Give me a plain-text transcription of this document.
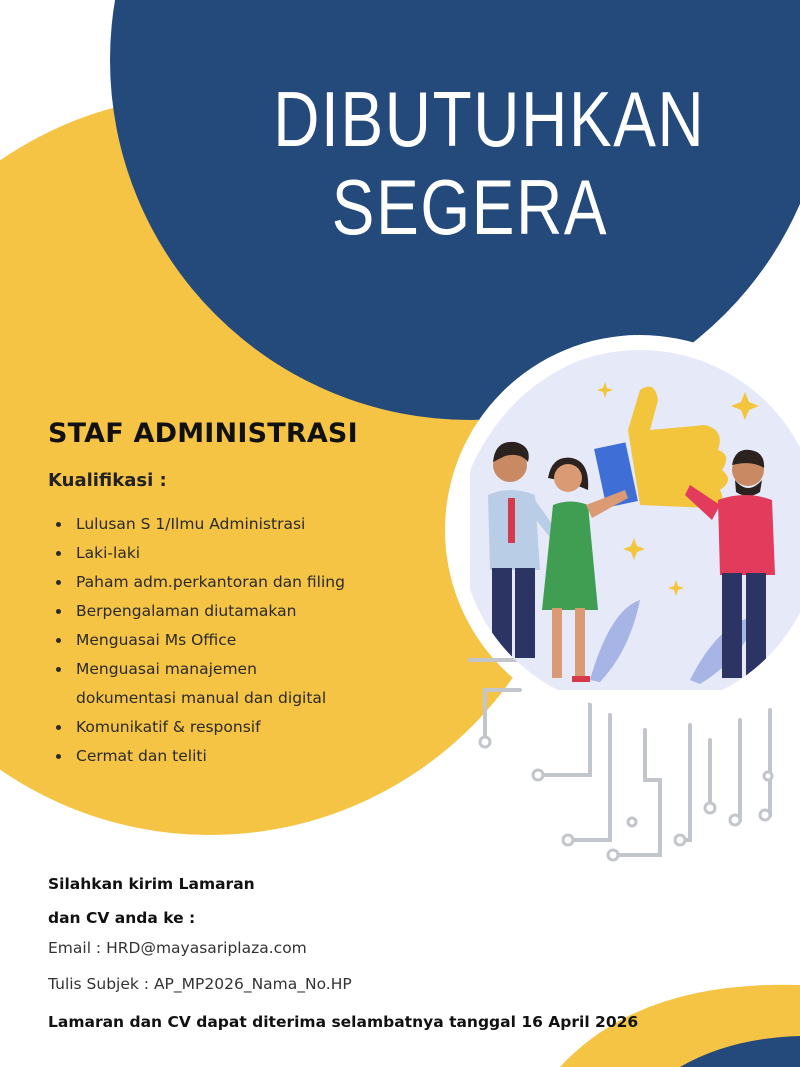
DIBUTUHKAN
SEGERA
STAF ADMINISTRASI
Kualifikasi :
Lulusan S 1/Ilmu Administrasi
Laki-laki
Paham adm.perkantoran dan filing
Berpengalaman diutamakan
Menguasai Ms Office
Menguasai manajemen
dokumentasi manual dan digital
Komunikatif & responsif
Cermat dan teliti
Silahkan kirim Lamaran
dan CV anda ke :
Email : HRD@mayasariplaza.com
Tulis Subjek : AP_MP2026_Nama_No.HP
Lamaran dan CV dapat diterima selambatnya tanggal 16 April 2026
